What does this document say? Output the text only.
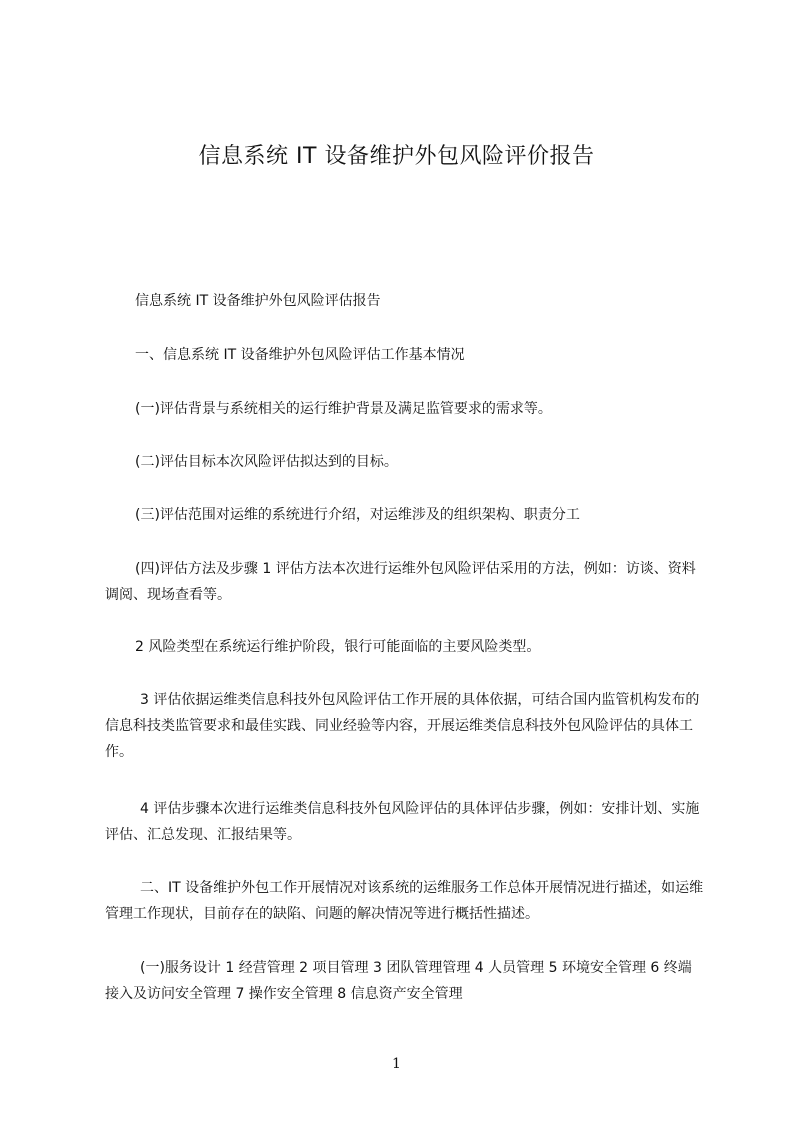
信息系统 IT 设备维护外包风险评价报告

信息系统 IT 设备维护外包风险评估报告

一、信息系统 IT 设备维护外包风险评估工作基本情况

(一)评估背景与系统相关的运行维护背景及满足监管要求的需求等。

(二)评估目标本次风险评估拟达到的目标。

(三)评估范围对运维的系统进行介绍，对运维涉及的组织架构、职责分工

(四)评估方法及步骤 1 评估方法本次进行运维外包风险评估采用的方法，例如：访谈、资料调阅、现场查看等。

2 风险类型在系统运行维护阶段，银行可能面临的主要风险类型。

3 评估依据运维类信息科技外包风险评估工作开展的具体依据，可结合国内监管机构发布的信息科技类监管要求和最佳实践、同业经验等内容，开展运维类信息科技外包风险评估的具体工作。

4 评估步骤本次进行运维类信息科技外包风险评估的具体评估步骤，例如：安排计划、实施评估、汇总发现、汇报结果等。

二、IT 设备维护外包工作开展情况对该系统的运维服务工作总体开展情况进行描述，如运维管理工作现状，目前存在的缺陷、问题的解决情况等进行概括性描述。

(一)服务设计 1 经营管理 2 项目管理 3 团队管理管理 4 人员管理 5 环境安全管理 6 终端接入及访问安全管理 7 操作安全管理 8 信息资产安全管理

1
